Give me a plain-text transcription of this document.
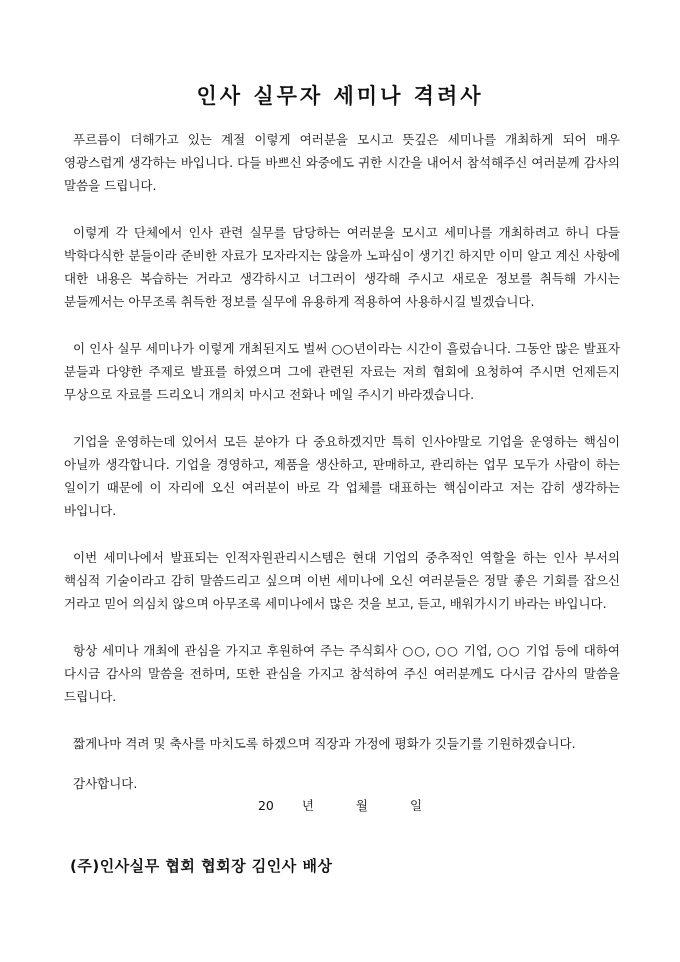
인사 실무자 세미나 격려사

푸르름이 더해가고 있는 계절 이렇게 여러분을 모시고 뜻깊은 세미나를 개최하게 되어 매우 영광스럽게 생각하는 바입니다. 다들 바쁘신 와중에도 귀한 시간을 내어서 참석해주신 여러분께 감사의 말씀을 드립니다.

이렇게 각 단체에서 인사 관련 실무를 담당하는 여러분을 모시고 세미나를 개최하려고 하니 다들 박학다식한 분들이라 준비한 자료가 모자라지는 않을까 노파심이 생기긴 하지만 이미 알고 계신 사항에 대한 내용은 복습하는 거라고 생각하시고 너그러이 생각해 주시고 새로운 정보를 취득해 가시는 분들께서는 아무조록 취득한 정보를 실무에 유용하게 적용하여 사용하시길 빌겠습니다.

이 인사 실무 세미나가 이렇게 개최된지도 벌써 ○○년이라는 시간이 흘렀습니다. 그동안 많은 발표자 분들과 다양한 주제로 발표를 하였으며 그에 관련된 자료는 저희 협회에 요청하여 주시면 언제든지 무상으로 자료를 드리오니 개의치 마시고 전화나 메일 주시기 바라겠습니다.

기업을 운영하는데 있어서 모든 분야가 다 중요하겠지만 특히 인사야말로 기업을 운영하는 핵심이 아닐까 생각합니다. 기업을 경영하고, 제품을 생산하고, 판매하고, 관리하는 업무 모두가 사람이 하는 일이기 때문에 이 자리에 오신 여러분이 바로 각 업체를 대표하는 핵심이라고 저는 감히 생각하는 바입니다.

이번 세미나에서 발표되는 인적자원관리시스템은 현대 기업의 중추적인 역할을 하는 인사 부서의 핵심적 기술이라고 감히 말씀드리고 싶으며 이번 세미나에 오신 여러분들은 정말 좋은 기회를 잡으신 거라고 믿어 의심치 않으며 아무조록 세미나에서 많은 것을 보고, 듣고, 배워가시기 바라는 바입니다.

항상 세미나 개최에 관심을 가지고 후원하여 주는 주식회사 ○○, ○○ 기업, ○○ 기업 등에 대하여 다시금 감사의 말씀을 전하며, 또한 관심을 가지고 참석하여 주신 여러분께도 다시금 감사의 말씀을 드립니다.

짧게나마 격려 및 축사를 마치도록 하겠으며 직장과 가정에 평화가 깃들기를 기원하겠습니다.

감사합니다.

20 년	월	일
(주)인사실무 협회 협회장 김인사 배상
